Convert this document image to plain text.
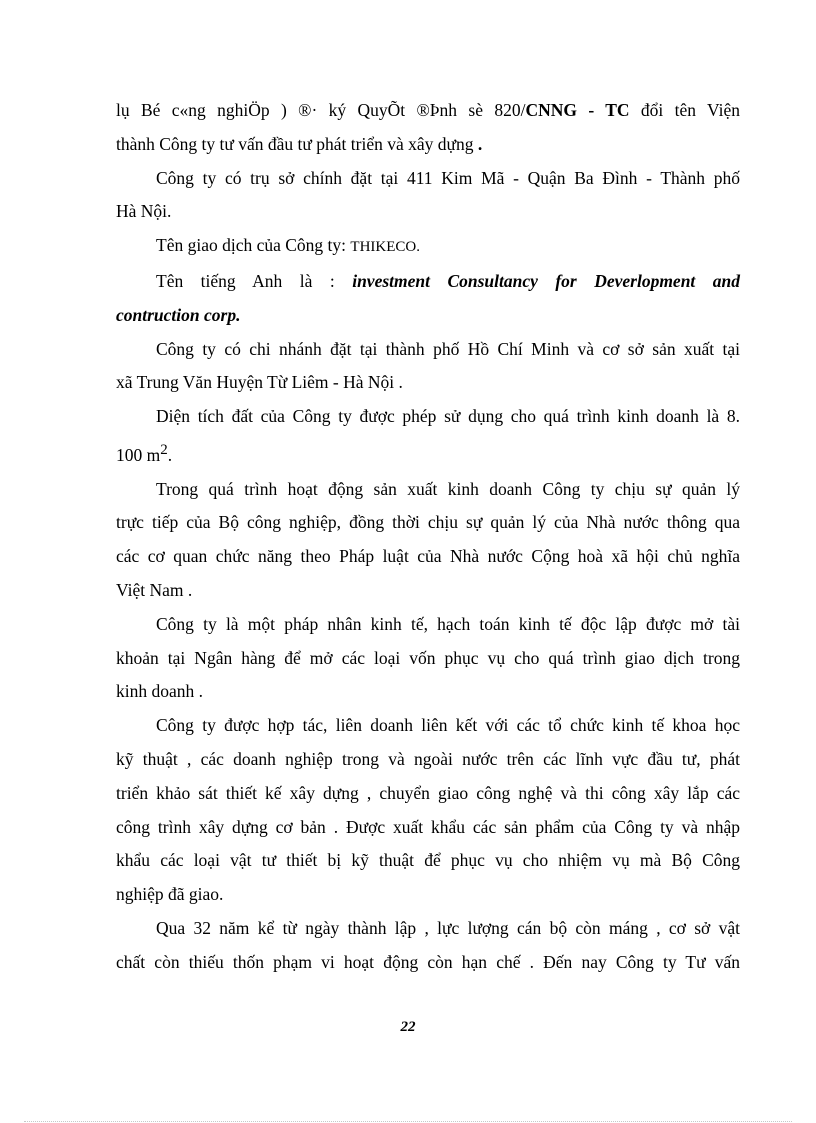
lụ Bé c«ng nghiÖp ) ®· ký QuyÕt ®Þnh sè 820/CNNG - TC đổi tên Viện
thành Công ty tư vấn đầu tư phát triển và xây dựng .

Công ty có trụ sở chính đặt tại 411 Kim Mã - Quận Ba Đình - Thành phố
Hà Nội.

Tên giao dịch của Công ty: THIKECO.

Tên tiếng Anh là : investment Consultancy for Deverlopment and
contruction corp.

Công ty có chi nhánh đặt tại thành phố Hồ Chí Minh và cơ sở sản xuất tại
xã Trung Văn Huyện Từ Liêm - Hà Nội .

Diện tích đất của Công ty được phép sử dụng cho quá trình kinh doanh là 8.
100 $m^2$.

Trong quá trình hoạt động sản xuất kinh doanh Công ty chịu sự quản lý
trực tiếp của Bộ công nghiệp, đồng thời chịu sự quản lý của Nhà nước thông qua
các cơ quan chức năng theo Pháp luật của Nhà nước Cộng hoà xã hội chủ nghĩa
Việt Nam .

Công ty là một pháp nhân kinh tế, hạch toán kinh tế độc lập được mở tài
khoản tại Ngân hàng để mở các loại vốn phục vụ cho quá trình giao dịch trong
kinh doanh .

Công ty được hợp tác, liên doanh liên kết với các tổ chức kinh tế khoa học
kỹ thuật , các doanh nghiệp trong và ngoài nước trên các lĩnh vực đầu tư, phát
triển khảo sát thiết kế xây dựng , chuyển giao công nghệ và thi công xây lắp các
công trình xây dựng cơ bản . Được xuất khẩu các sản phẩm của Công ty và nhập
khẩu các loại vật tư thiết bị kỹ thuật để phục vụ cho nhiệm vụ mà Bộ Công
nghiệp đã giao.

Qua 32 năm kể từ ngày thành lập , lực lượng cán bộ còn máng , cơ sở vật
chất còn thiếu thốn phạm vi hoạt động còn hạn chế . Đến nay Công ty Tư vấn

22
